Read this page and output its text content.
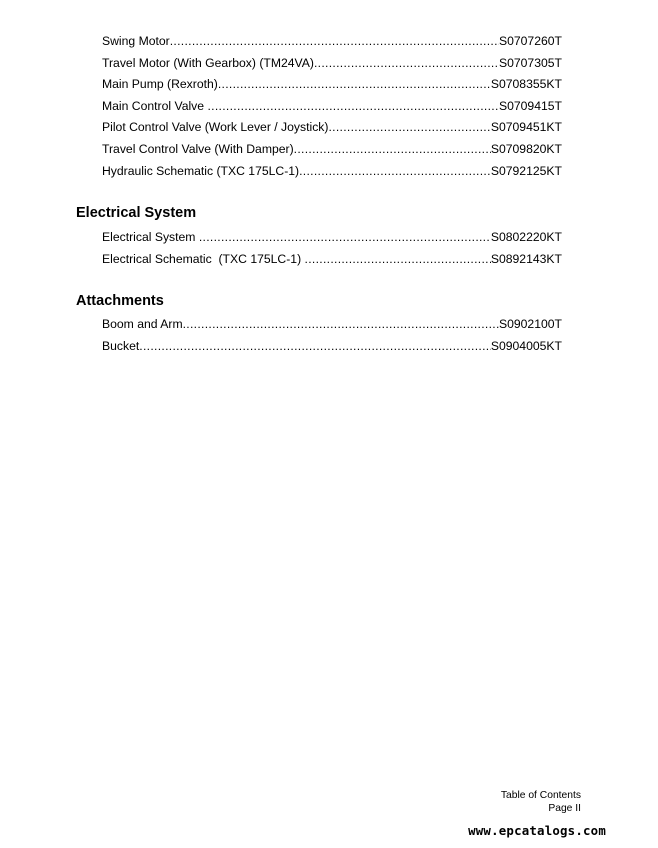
Swing Motor .....	S0707260T
Travel Motor (With Gearbox) (TM24VA) .....	S0707305T
Main Pump (Rexroth) .....	S0708355KT
Main Control Valve .....	S0709415T
Pilot Control Valve (Work Lever / Joystick) .....	S0709451KT
Travel Control Valve (With Damper) .....	S0709820KT
Hydraulic Schematic (TXC 175LC-1) .....	S0792125KT
Electrical System
Electrical System .....	S0802220KT
Electrical Schematic  (TXC 175LC-1) .....	S0892143KT
Attachments
Boom and Arm .....	S0902100T
Bucket .....	S0904005KT
Table of Contents
Page II
www.epcatalogs.com
